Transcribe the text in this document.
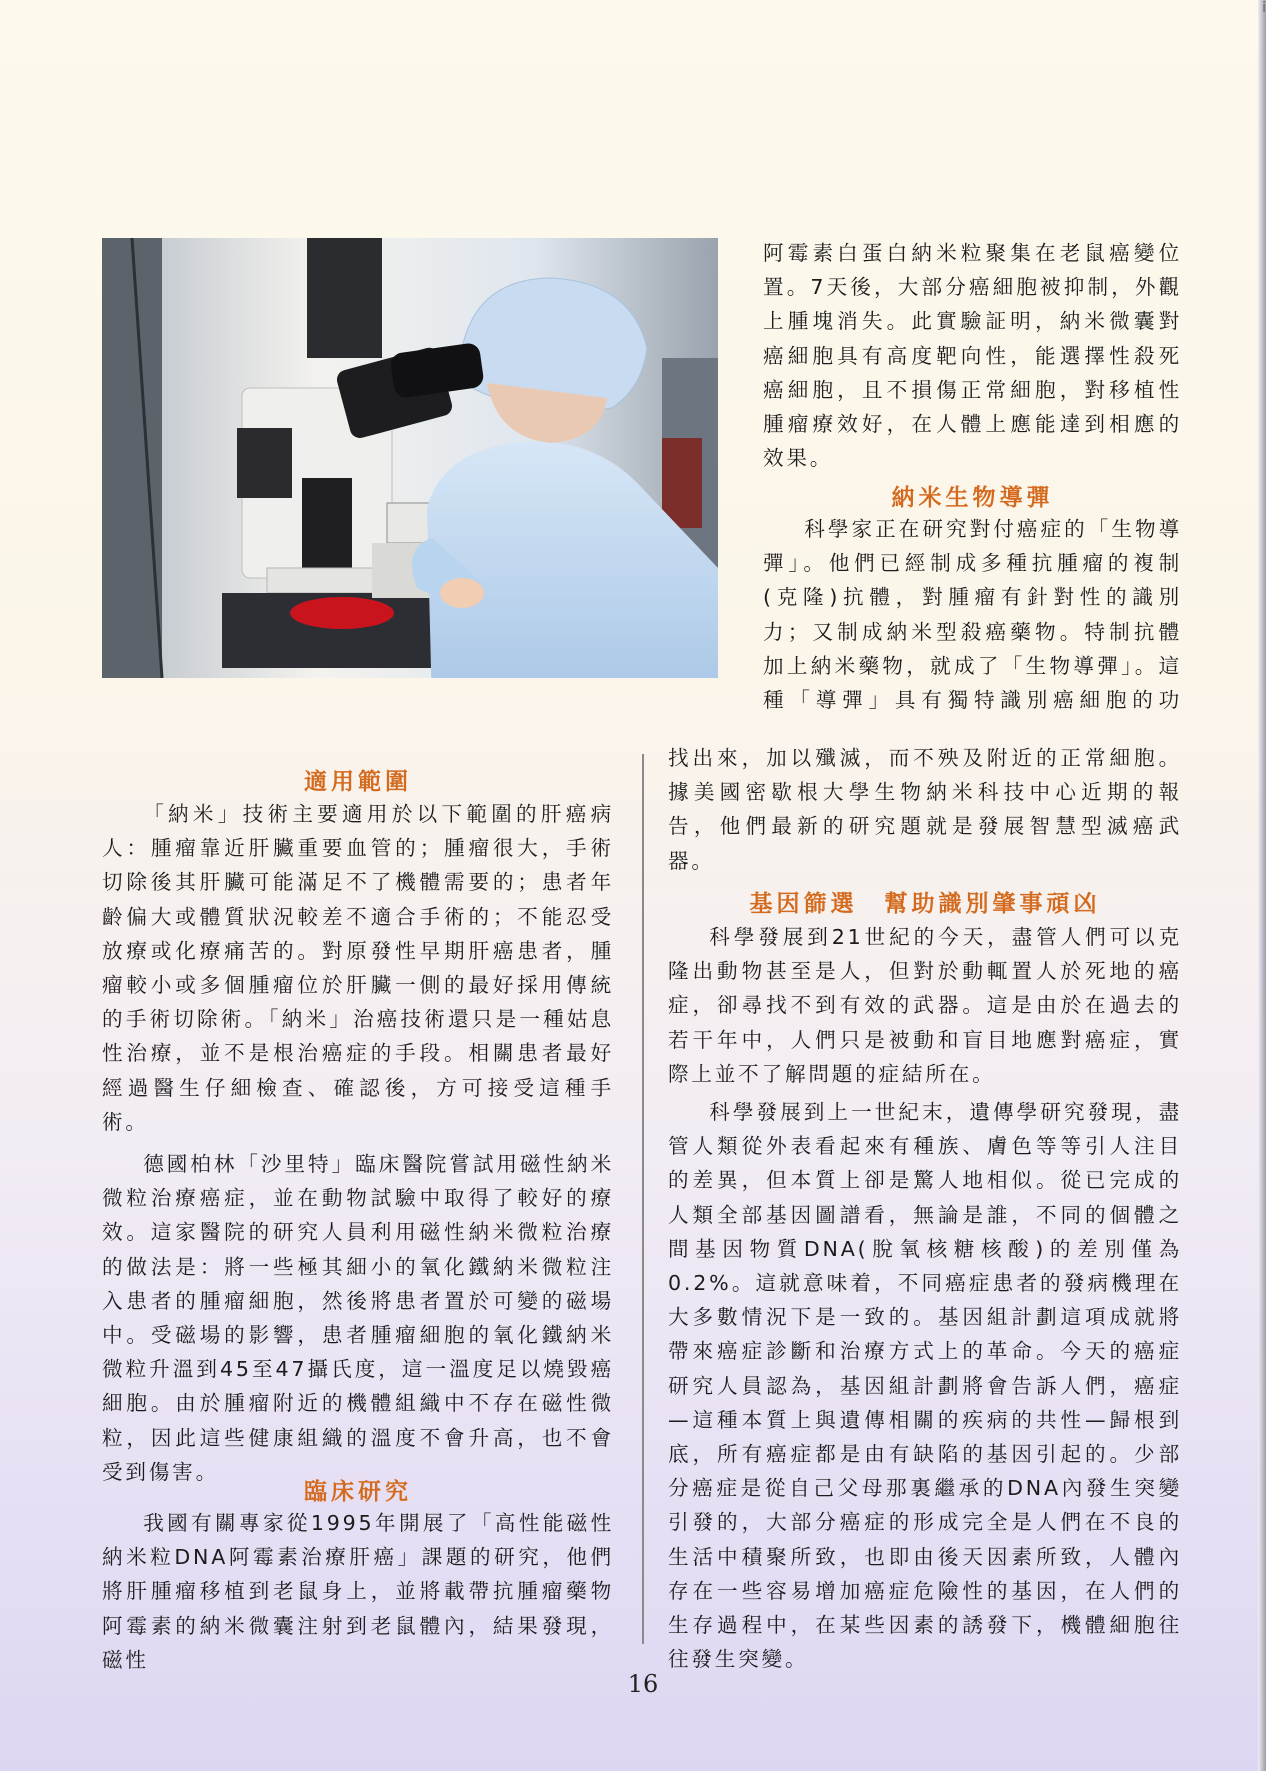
i

阿霉素白蛋白納米粒聚集在老鼠癌變位置。7天後，大部分癌細胞被抑制，外觀上腫塊消失。此實驗証明，納米微囊對癌細胞具有高度靶向性，能選擇性殺死癌細胞，且不損傷正常細胞，對移植性腫瘤療效好，在人體上應能達到相應的效果。

納米生物導彈

科學家正在研究對付癌症的「生物導彈」。他們已經制成多種抗腫瘤的複制(克隆)抗體，對腫瘤有針對性的識別力；又制成納米型殺癌藥物。特制抗體加上納米藥物，就成了「生物導彈」。這種「導彈」具有獨特識別癌細胞的功

找出來，加以殲滅，而不殃及附近的正常細胞。據美國密歇根大學生物納米科技中心近期的報告，他們最新的研究題就是發展智慧型滅癌武器。

適用範圍

「納米」技術主要適用於以下範圍的肝癌病人：腫瘤靠近肝臟重要血管的；腫瘤很大，手術切除後其肝臟可能滿足不了機體需要的；患者年齡偏大或體質狀況較差不適合手術的；不能忍受放療或化療痛苦的。對原發性早期肝癌患者，腫瘤較小或多個腫瘤位於肝臟一側的最好採用傳統的手術切除術。「納米」治癌技術還只是一種姑息性治療，並不是根治癌症的手段。相關患者最好經過醫生仔細檢查、確認後，方可接受這種手術。

德國柏林「沙里特」臨床醫院嘗試用磁性納米微粒治療癌症，並在動物試驗中取得了較好的療效。這家醫院的研究人員利用磁性納米微粒治療的做法是：將一些極其細小的氧化鐵納米微粒注入患者的腫瘤細胞，然後將患者置於可變的磁場中。受磁場的影響，患者腫瘤細胞的氧化鐵納米微粒升溫到45至47攝氏度，這一溫度足以燒毀癌細胞。由於腫瘤附近的機體組織中不存在磁性微粒，因此這些健康組織的溫度不會升高，也不會受到傷害。

臨床研究

我國有關專家從1995年開展了「高性能磁性納米粒DNA阿霉素治療肝癌」課題的研究，他們將肝腫瘤移植到老鼠身上，並將載帶抗腫瘤藥物阿霉素的納米微囊注射到老鼠體內，結果發現，磁性

基因篩選　幫助識別肇事頑凶

科學發展到21世紀的今天，盡管人們可以克隆出動物甚至是人，但對於動輒置人於死地的癌症，卻尋找不到有效的武器。這是由於在過去的若干年中，人們只是被動和盲目地應對癌症，實際上並不了解問題的症結所在。

科學發展到上一世紀末，遺傳學研究發現，盡管人類從外表看起來有種族、膚色等等引人注目的差異，但本質上卻是驚人地相似。從已完成的人類全部基因圖譜看，無論是誰，不同的個體之間基因物質DNA(脫氧核糖核酸)的差別僅為0.2%。這就意味着，不同癌症患者的發病機理在大多數情況下是一致的。基因組計劃這項成就將帶來癌症診斷和治療方式上的革命。今天的癌症研究人員認為，基因組計劃將會告訴人們，癌症—這種本質上與遺傳相關的疾病的共性—歸根到底，所有癌症都是由有缺陷的基因引起的。少部分癌症是從自己父母那裏繼承的DNA內發生突變引發的，大部分癌症的形成完全是人們在不良的生活中積聚所致，也即由後天因素所致，人體內存在一些容易增加癌症危險性的基因，在人們的生存過程中，在某些因素的誘發下，機體細胞往往發生突變。

16
